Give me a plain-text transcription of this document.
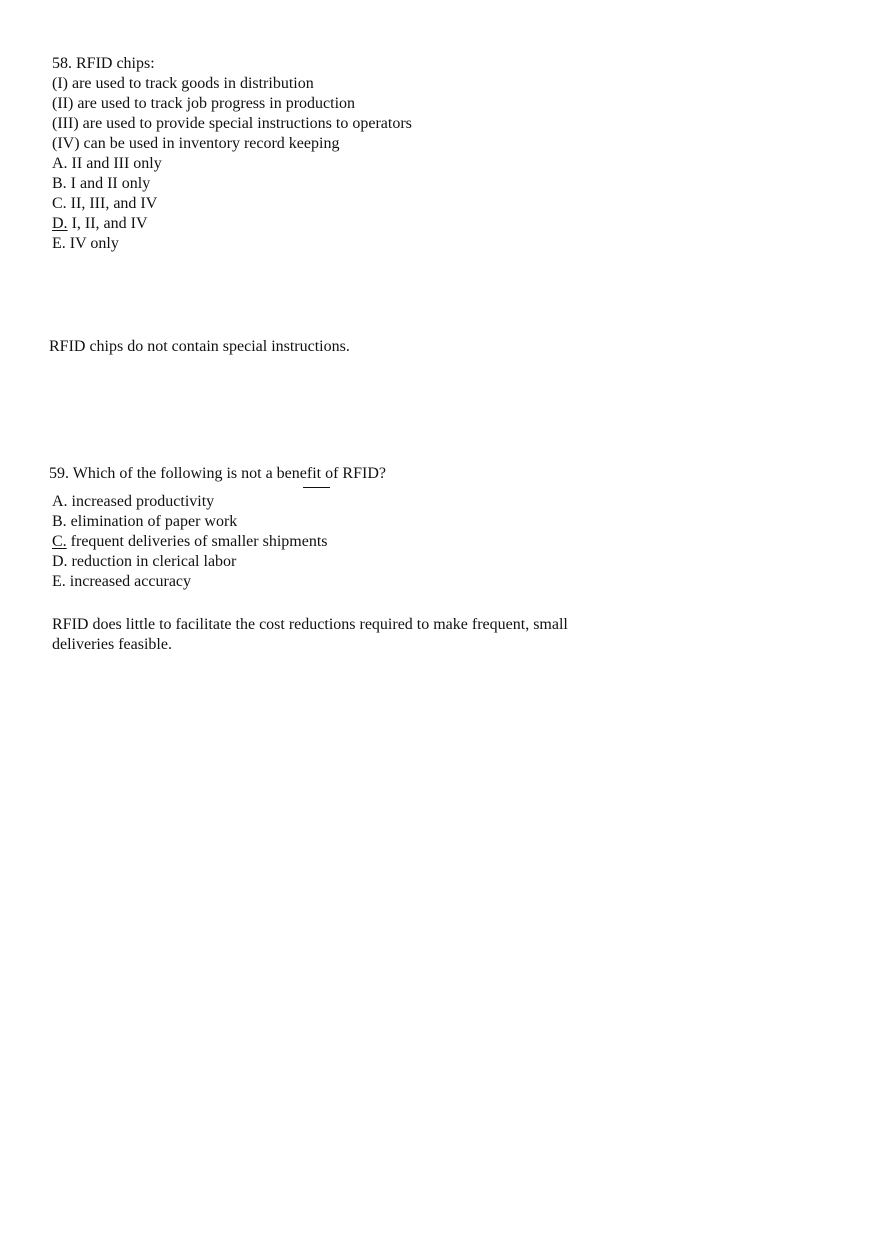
58. RFID chips:
(I) are used to track goods in distribution
(II) are used to track job progress in production
(III) are used to provide special instructions to operators
(IV) can be used in inventory record keeping
A. II and III only
B. I and II only
C. II, III, and IV
D. I, II, and IV
E. IV only
RFID chips do not contain special instructions.
59. Which of the following is not a benefit of RFID?
A. increased productivity
B. elimination of paper work
C. frequent deliveries of smaller shipments
D. reduction in clerical labor
E. increased accuracy
RFID does little to facilitate the cost reductions required to make frequent, small
deliveries feasible.
